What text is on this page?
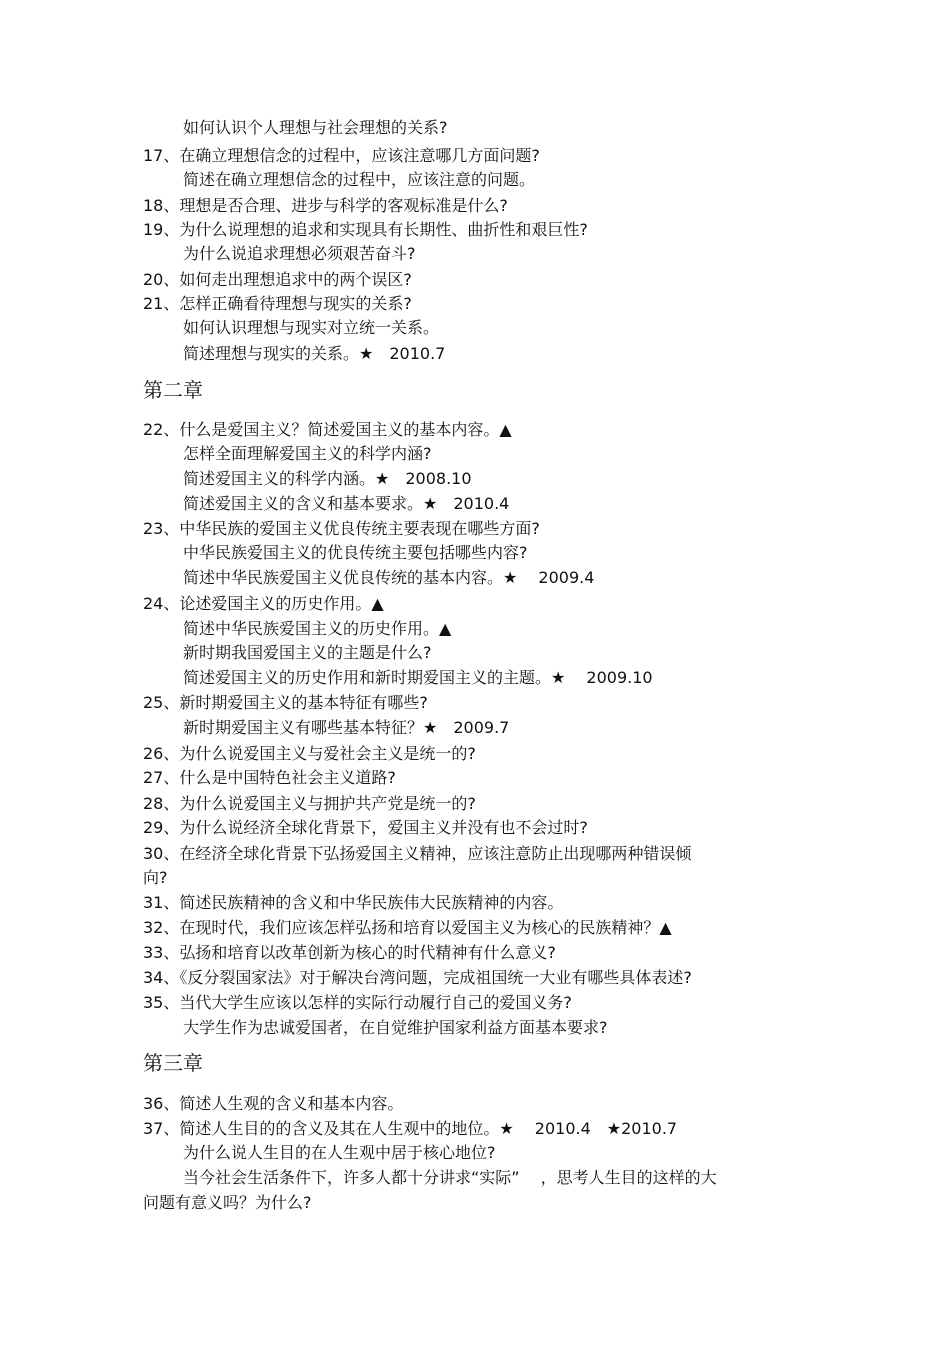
如何认识个人理想与社会理想的关系?
17、在确立理想信念的过程中，应该注意哪几方面问题?
简述在确立理想信念的过程中，应该注意的问题。
18、理想是否合理、进步与科学的客观标准是什么?
19、为什么说理想的追求和实现具有长期性、曲折性和艰巨性?
为什么说追求理想必须艰苦奋斗?
20、如何走出理想追求中的两个误区?
21、怎样正确看待理想与现实的关系?
如何认识理想与现实对立统一关系。
简述理想与现实的关系。★　2010.7
第二章
22、什么是爱国主义？简述爱国主义的基本内容。▲
怎样全面理解爱国主义的科学内涵?
简述爱国主义的科学内涵。★　2008.10
简述爱国主义的含义和基本要求。★　2010.4
23、中华民族的爱国主义优良传统主要表现在哪些方面?
中华民族爱国主义的优良传统主要包括哪些内容?
简述中华民族爱国主义优良传统的基本内容。★　 2009.4
24、论述爱国主义的历史作用。▲
简述中华民族爱国主义的历史作用。▲
新时期我国爱国主义的主题是什么?
简述爱国主义的历史作用和新时期爱国主义的主题。★　 2009.10
25、新时期爱国主义的基本特征有哪些?
新时期爱国主义有哪些基本特征？★　2009.7
26、为什么说爱国主义与爱社会主义是统一的?
27、什么是中国特色社会主义道路?
28、为什么说爱国主义与拥护共产党是统一的?
29、为什么说经济全球化背景下，爱国主义并没有也不会过时?
30、在经济全球化背景下弘扬爱国主义精神，应该注意防止出现哪两种错误倾
向?
31、简述民族精神的含义和中华民族伟大民族精神的内容。
32、在现时代，我们应该怎样弘扬和培育以爱国主义为核心的民族精神？▲
33、弘扬和培育以改革创新为核心的时代精神有什么意义?
34、《反分裂国家法》对于解决台湾问题，完成祖国统一大业有哪些具体表述?
35、当代大学生应该以怎样的实际行动履行自己的爱国义务?
大学生作为忠诚爱国者，在自觉维护国家利益方面基本要求?
第三章
36、简述人生观的含义和基本内容。
37、简述人生目的的含义及其在人生观中的地位。★　 2010.4　★2010.7
为什么说人生目的在人生观中居于核心地位?
当今社会生活条件下，许多人都十分讲求“实际”　 ，思考人生目的这样的大
问题有意义吗？为什么?
